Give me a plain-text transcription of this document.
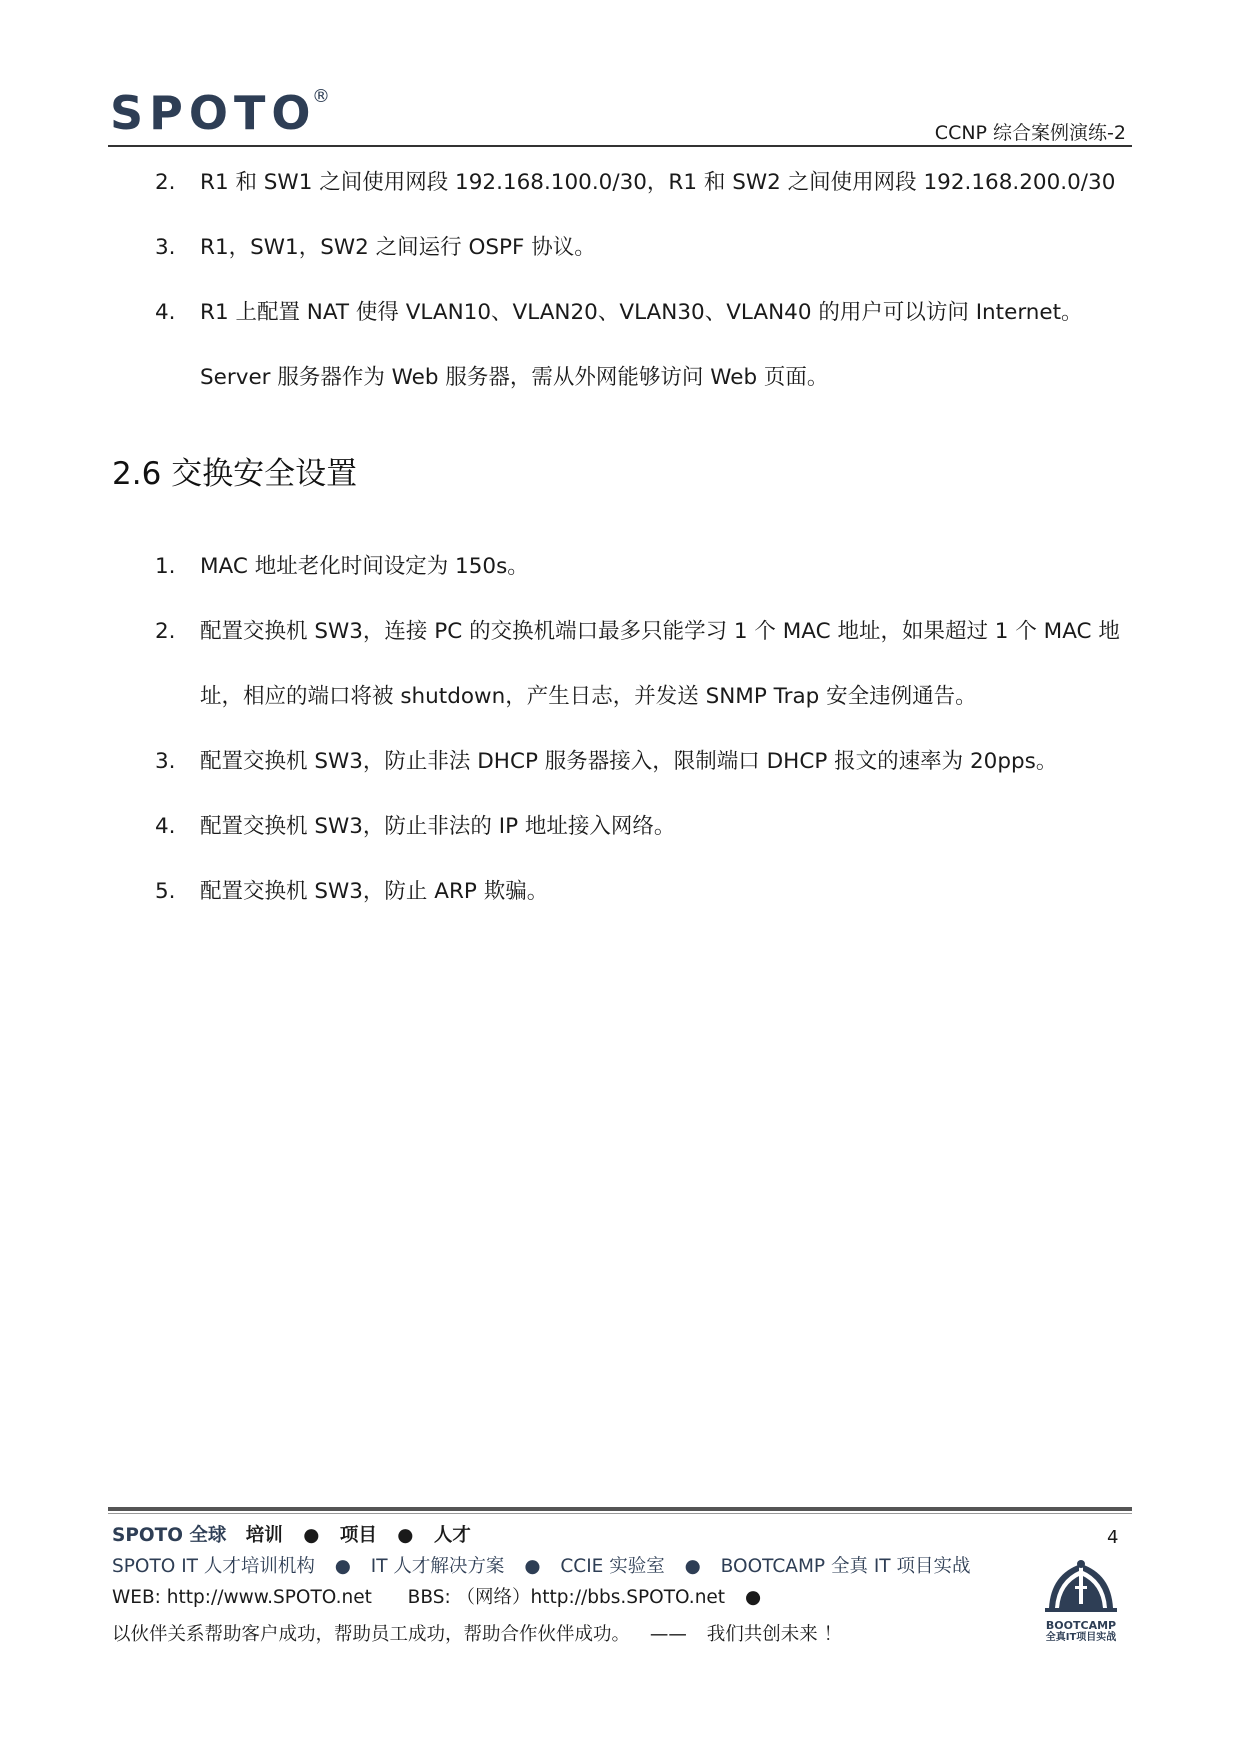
SPOTO
®
CCNP 综合案例演练-2
2. R1 和 SW1 之间使用网段 192.168.100.0/30，R1 和 SW2 之间使用网段 192.168.200.0/30
3. R1，SW1，SW2 之间运行 OSPF 协议。
4. R1 上配置 NAT 使得 VLAN10、VLAN20、VLAN30、VLAN40 的用户可以访问 Internet。Server 服务器作为 Web 服务器，需从外网能够访问 Web 页面。
2.6 交换安全设置
1. MAC 地址老化时间设定为 150s。
2. 配置交换机 SW3，连接 PC 的交换机端口最多只能学习 1 个 MAC 地址，如果超过 1 个 MAC 地址，相应的端口将被 shutdown，产生日志，并发送 SNMP Trap 安全违例通告。
3. 配置交换机 SW3，防止非法 DHCP 服务器接入，限制端口 DHCP 报文的速率为 20pps。
4. 配置交换机 SW3，防止非法的 IP 地址接入网络。
5. 配置交换机 SW3，防止 ARP 欺骗。
SPOTO 全球 培训 ● 项目 ● 人才
SPOTO IT 人才培训机构 ● IT 人才解决方案 ● CCIE 实验室 ● BOOTCAMP 全真 IT 项目实战
WEB: http://www.SPOTO.net BBS: （网络）http://bbs.SPOTO.net ●
以伙伴关系帮助客户成功，帮助员工成功，帮助合作伙伴成功。 —— 我们共创未来 ！
4
BOOTCAMP
全真IT项目实战
